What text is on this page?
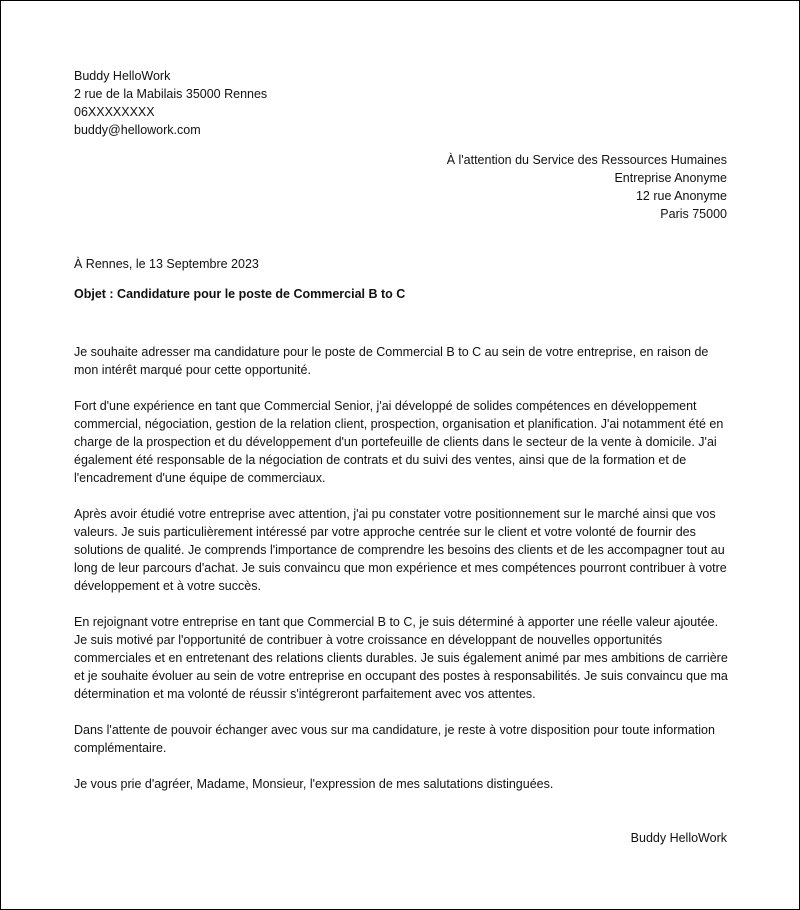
Buddy HelloWork
2 rue de la Mabilais 35000 Rennes
06XXXXXXXX
buddy@hellowork.com
À l'attention du Service des Ressources Humaines
Entreprise Anonyme
12 rue Anonyme
Paris 75000
À Rennes, le 13 Septembre 2023
Objet : Candidature pour le poste de Commercial B to C

Je souhaite adresser ma candidature pour le poste de Commercial B to C au sein de votre entreprise, en raison de mon intérêt marqué pour cette opportunité.

Fort d'une expérience en tant que Commercial Senior, j'ai développé de solides compétences en développement commercial, négociation, gestion de la relation client, prospection, organisation et planification. J'ai notamment été en charge de la prospection et du développement d'un portefeuille de clients dans le secteur de la vente à domicile. J'ai également été responsable de la négociation de contrats et du suivi des ventes, ainsi que de la formation et de l'encadrement d'une équipe de commerciaux.

Après avoir étudié votre entreprise avec attention, j'ai pu constater votre positionnement sur le marché ainsi que vos valeurs. Je suis particulièrement intéressé par votre approche centrée sur le client et votre volonté de fournir des solutions de qualité. Je comprends l'importance de comprendre les besoins des clients et de les accompagner tout au long de leur parcours d'achat. Je suis convaincu que mon expérience et mes compétences pourront contribuer à votre développement et à votre succès.

En rejoignant votre entreprise en tant que Commercial B to C, je suis déterminé à apporter une réelle valeur ajoutée. Je suis motivé par l'opportunité de contribuer à votre croissance en développant de nouvelles opportunités commerciales et en entretenant des relations clients durables. Je suis également animé par mes ambitions de carrière et je souhaite évoluer au sein de votre entreprise en occupant des postes à responsabilités. Je suis convaincu que ma détermination et ma volonté de réussir s'intégreront parfaitement avec vos attentes.

Dans l'attente de pouvoir échanger avec vous sur ma candidature, je reste à votre disposition pour toute information complémentaire.

Je vous prie d'agréer, Madame, Monsieur, l'expression de mes salutations distinguées.

Buddy HelloWork
